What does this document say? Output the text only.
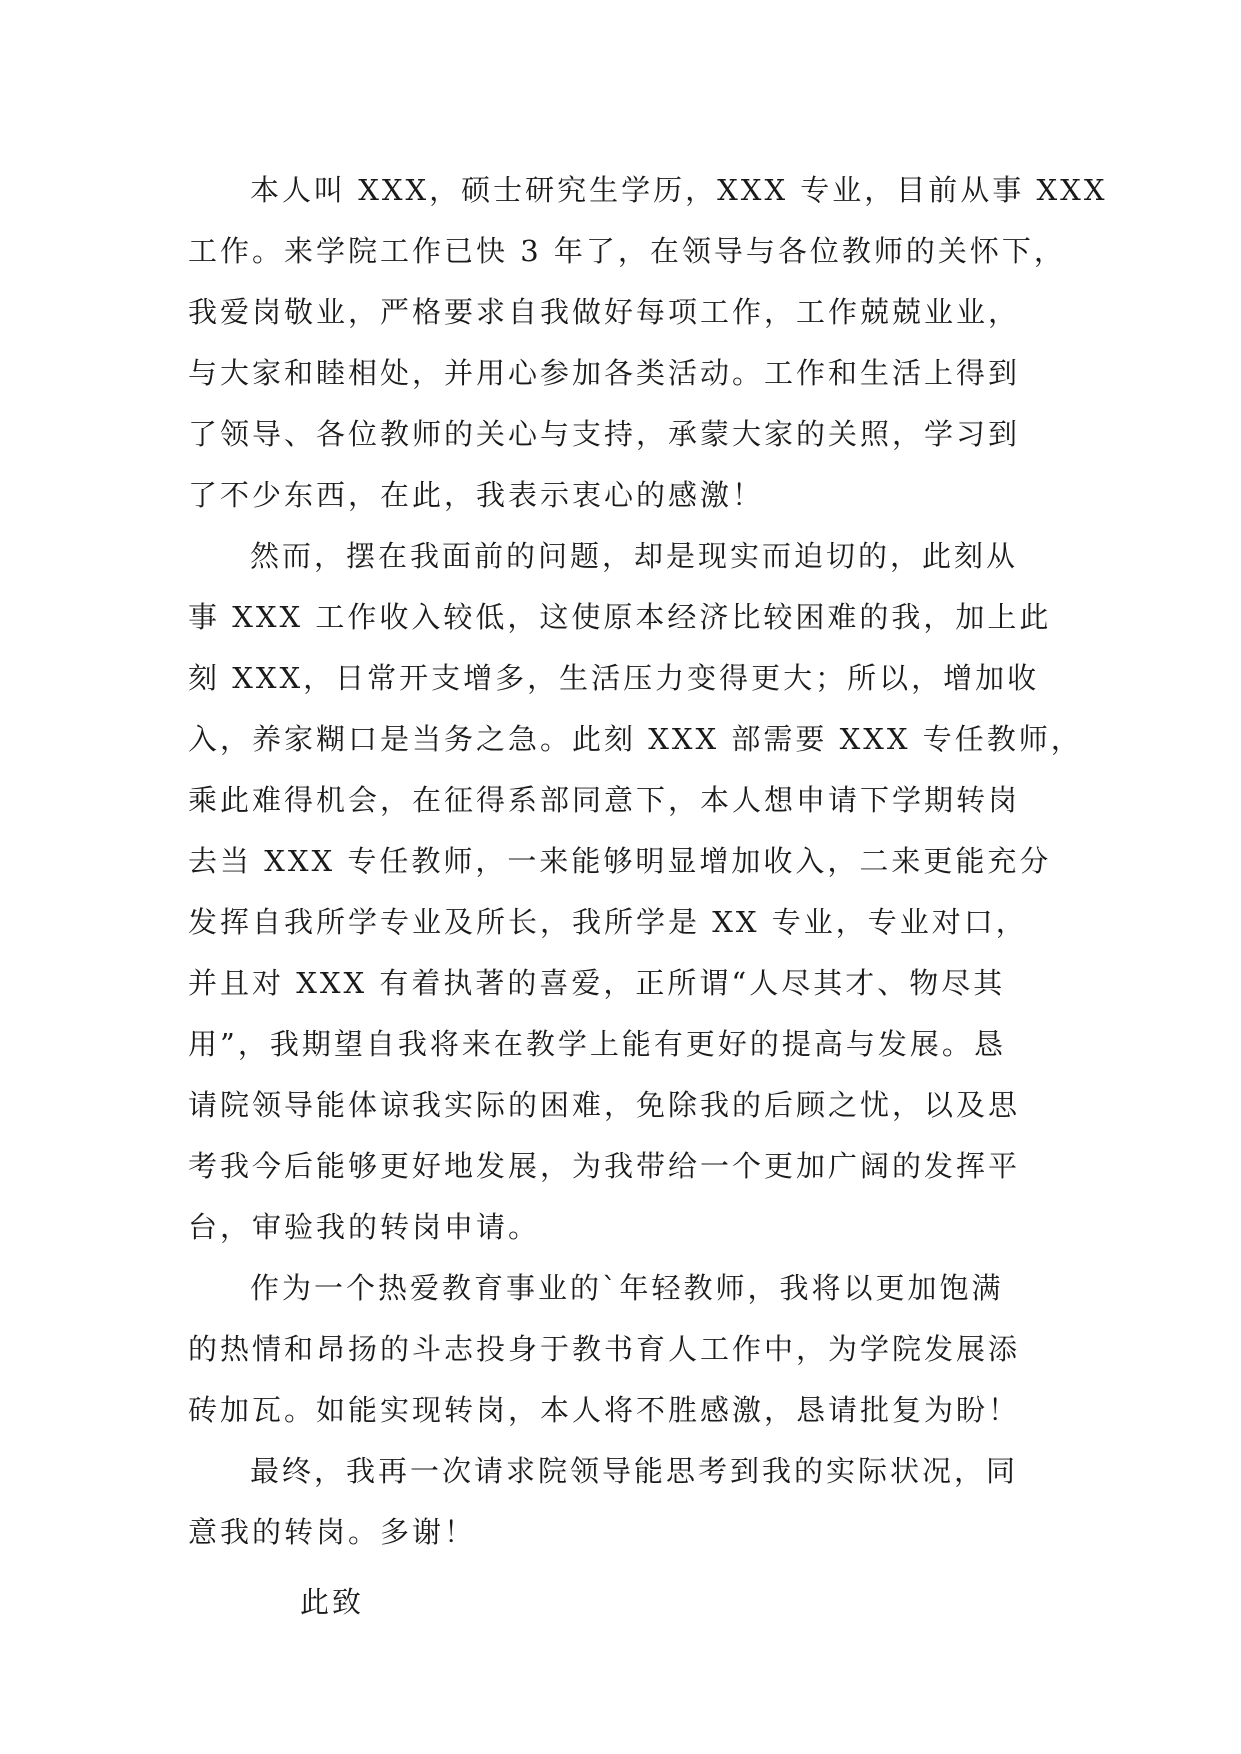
本人叫 XXX，硕士研究生学历，XXX 专业，目前从事 XXX
工作。来学院工作已快 3 年了，在领导与各位教师的关怀下，
我爱岗敬业，严格要求自我做好每项工作，工作兢兢业业，
与大家和睦相处，并用心参加各类活动。工作和生活上得到
了领导、各位教师的关心与支持，承蒙大家的关照，学习到
了不少东西，在此，我表示衷心的感激！
然而，摆在我面前的问题，却是现实而迫切的，此刻从
事 XXX 工作收入较低，这使原本经济比较困难的我，加上此
刻 XXX，日常开支增多，生活压力变得更大；所以，增加收
入，养家糊口是当务之急。此刻 XXX 部需要 XXX 专任教师，
乘此难得机会，在征得系部同意下，本人想申请下学期转岗
去当 XXX 专任教师，一来能够明显增加收入，二来更能充分
发挥自我所学专业及所长，我所学是 XX 专业，专业对口，
并且对 XXX 有着执著的喜爱，正所谓“人尽其才、物尽其
用”，我期望自我将来在教学上能有更好的提高与发展。恳
请院领导能体谅我实际的困难，免除我的后顾之忧，以及思
考我今后能够更好地发展，为我带给一个更加广阔的发挥平
台，审验我的转岗申请。
作为一个热爱教育事业的`年轻教师，我将以更加饱满
的热情和昂扬的斗志投身于教书育人工作中，为学院发展添
砖加瓦。如能实现转岗，本人将不胜感激，恳请批复为盼！
最终，我再一次请求院领导能思考到我的实际状况，同
意我的转岗。多谢！
此致
